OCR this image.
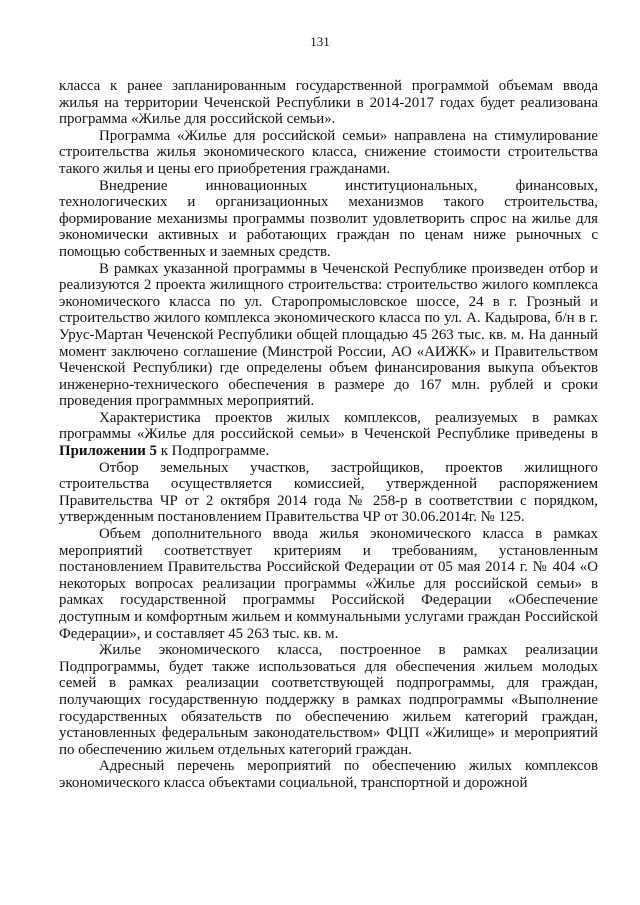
131

класса к ранее запланированным государственной программой объемам ввода жилья на территории Чеченской Республики в 2014-2017 годах будет реализована программа «Жилье для российской семьи».

Программа «Жилье для российской семьи» направлена на стимулирование строительства жилья экономического класса, снижение стоимости строительства такого жилья и цены его приобретения гражданами.

Внедрение инновационных институциональных, финансовых, технологических и организационных механизмов такого строительства, формирование механизмы программы позволит удовлетворить спрос на жилье для экономически активных и работающих граждан по ценам ниже рыночных с помощью собственных и заемных средств.

В рамках указанной программы в Чеченской Республике произведен отбор и реализуются 2 проекта жилищного строительства: строительство жилого комплекса экономического класса по ул. Старопромысловское шоссе, 24 в г. Грозный и строительство жилого комплекса экономического класса по ул. А. Кадырова, б/н в г. Урус-Мартан Чеченской Республики общей площадью 45 263 тыс. кв. м. На данный момент заключено соглашение (Минстрой России, АО «АИЖК» и Правительством Чеченской Республики) где определены объем финансирования выкупа объектов инженерно-технического обеспечения в размере до 167 млн. рублей и сроки проведения программных мероприятий.

Характеристика проектов жилых комплексов, реализуемых в рамках программы «Жилье для российской семьи» в Чеченской Республике приведены в Приложении 5 к Подпрограмме.

Отбор земельных участков, застройщиков, проектов жилищного строительства осуществляется комиссией, утвержденной распоряжением Правительства ЧР от 2 октября 2014 года № 258-р в соответствии с порядком, утвержденным постановлением Правительства ЧР от 30.06.2014г. № 125.

Объем дополнительного ввода жилья экономического класса в рамках мероприятий соответствует критериям и требованиям, установленным постановлением Правительства Российской Федерации от 05 мая 2014 г. № 404 «О некоторых вопросах реализации программы «Жилье для российской семьи» в рамках государственной программы Российской Федерации «Обеспечение доступным и комфортным жильем и коммунальными услугами граждан Российской Федерации», и составляет 45 263 тыс. кв. м.

Жилье экономического класса, построенное в рамках реализации Подпрограммы, будет также использоваться для обеспечения жильем молодых семей в рамках реализации соответствующей подпрограммы, для граждан, получающих государственную поддержку в рамках подпрограммы «Выполнение государственных обязательств по обеспечению жильем категорий граждан, установленных федеральным законодательством» ФЦП «Жилище» и мероприятий по обеспечению жильем отдельных категорий граждан.

Адресный перечень мероприятий по обеспечению жилых комплексов экономического класса объектами социальной, транспортной и дорожной
